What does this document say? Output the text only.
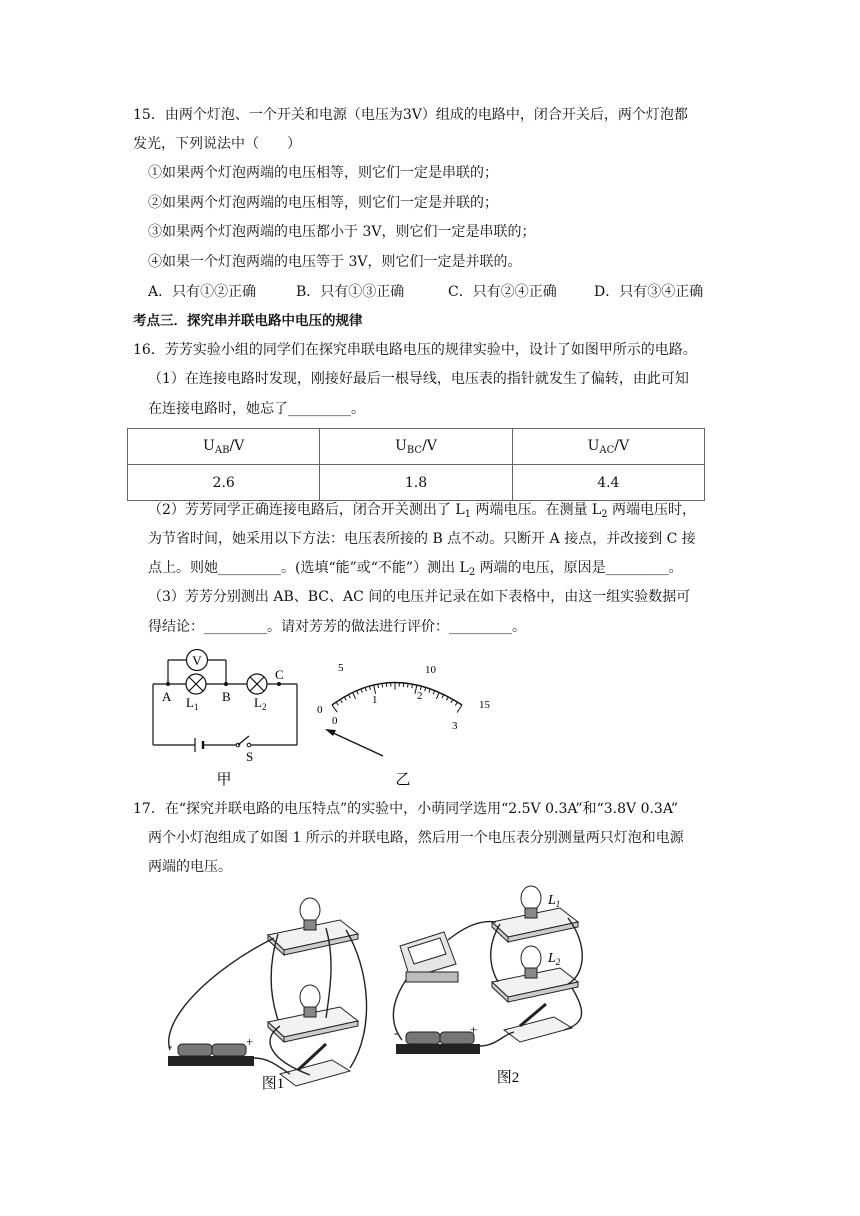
15．由两个灯泡、一个开关和电源（电压为3V）组成的电路中，闭合开关后，两个灯泡都
发光，下列说法中（　　）
①如果两个灯泡两端的电压相等，则它们一定是串联的；
②如果两个灯泡两端的电压相等，则它们一定是并联的；
③如果两个灯泡两端的电压都小于 3V，则它们一定是串联的；
④如果一个灯泡两端的电压等于 3V，则它们一定是并联的。
A．只有①②正确	B．只有①③正确	C．只有②④正确	D．只有③④正确
考点三．探究串并联电路中电压的规律
16．芳芳实验小组的同学们在探究串联电路电压的规律实验中，设计了如图甲所示的电路。
（1）在连接电路时发现，刚接好最后一根导线，电压表的指针就发生了偏转，由此可知
在连接电路时，她忘了_________。
$U_{AB}/V$	$U_{BC}/V$	$U_{AC}/V$
2.6	1.8	4.4
（2）芳芳同学正确连接电路后，闭合开关测出了 $L_1$ 两端电压。在测量 $L_2$ 两端电压时，
为节省时间，她采用以下方法：电压表所接的 B 点不动。只断开 A 接点，并改接到 C 接
点上。则她_________。(选填“能”或“不能”）测出 $L_2$ 两端的电压，原因是_________。
（3）芳芳分别测出 AB、BC、AC 间的电压并记录在如下表格中，由这一组实验数据可
得结论：_________。请对芳芳的做法进行评价：_________。
V
A	B
C
$L_1$	$L_2$
S
甲
0
5	10
15
0
1	2
3
乙
17．在“探究并联电路的电压特点”的实验中，小萌同学选用“2.5V 0.3A”和“3.8V 0.3A”
两个小灯泡组成了如图 1 所示的并联电路，然后用一个电压表分别测量两只灯泡和电源
两端的电压。
-	+
图1
$L_1$
$L_2$
-	+
图2
